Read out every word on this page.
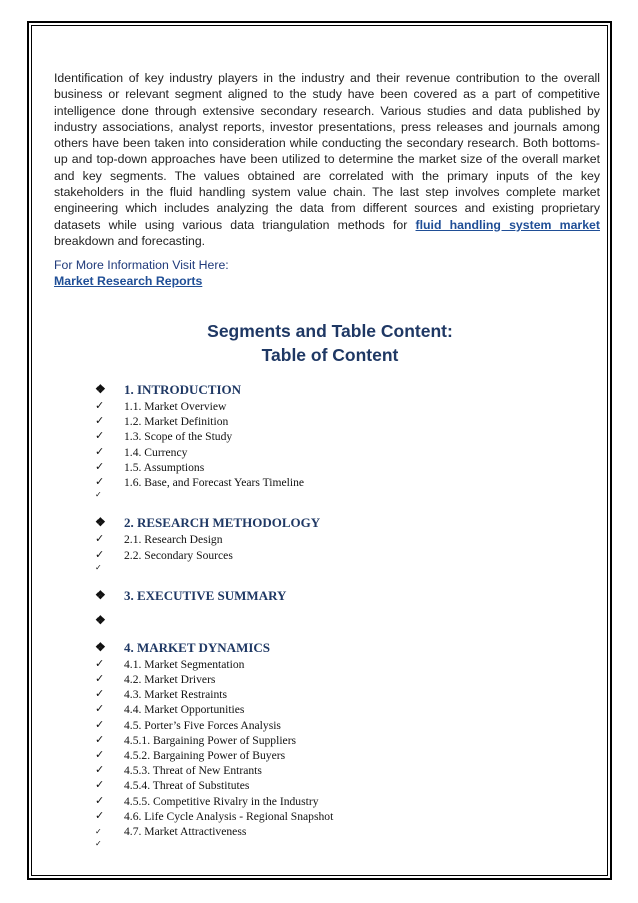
Identification of key industry players in the industry and their revenue contribution to the overall business or relevant segment aligned to the study have been covered as a part of competitive intelligence done through extensive secondary research. Various studies and data published by industry associations, analyst reports, investor presentations, press releases and journals among others have been taken into consideration while conducting the secondary research. Both bottoms-up and top-down approaches have been utilized to determine the market size of the overall market and key segments. The values obtained are correlated with the primary inputs of the key stakeholders in the fluid handling system value chain. The last step involves complete market engineering which includes analyzing the data from different sources and existing proprietary datasets while using various data triangulation methods for fluid handling system market breakdown and forecasting.

For More Information Visit Here:
Market Research Reports
Segments and Table Content:
Table of Content
❖	1. INTRODUCTION
✓	1.1. Market Overview
✓	1.2. Market Definition
✓	1.3. Scope of the Study
✓	1.4. Currency
✓	1.5. Assumptions
✓	1.6. Base, and Forecast Years Timeline
✓
❖	2. RESEARCH METHODOLOGY
✓	2.1. Research Design
✓	2.2. Secondary Sources
✓
❖	3. EXECUTIVE SUMMARY
❖
❖	4. MARKET DYNAMICS
✓	4.1. Market Segmentation
✓	4.2. Market Drivers
✓	4.3. Market Restraints
✓	4.4. Market Opportunities
✓	4.5. Porter’s Five Forces Analysis
✓	4.5.1. Bargaining Power of Suppliers
✓	4.5.2. Bargaining Power of Buyers
✓	4.5.3. Threat of New Entrants
✓	4.5.4. Threat of Substitutes
✓	4.5.5. Competitive Rivalry in the Industry
✓	4.6. Life Cycle Analysis - Regional Snapshot
✓	4.7. Market Attractiveness
✓
